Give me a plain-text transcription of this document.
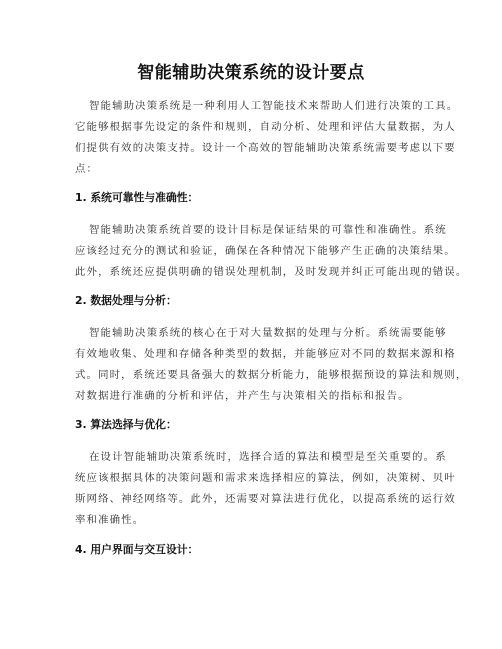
智能辅助决策系统的设计要点
智能辅助决策系统是一种利用人工智能技术来帮助人们进行决策的工具。
它能够根据事先设定的条件和规则，自动分析、处理和评估大量数据，为人
们提供有效的决策支持。设计一个高效的智能辅助决策系统需要考虑以下要
点：
1. 系统可靠性与准确性：
智能辅助决策系统首要的设计目标是保证结果的可靠性和准确性。系统
应该经过充分的测试和验证，确保在各种情况下能够产生正确的决策结果。
此外，系统还应提供明确的错误处理机制，及时发现并纠正可能出现的错误。
2. 数据处理与分析：
智能辅助决策系统的核心在于对大量数据的处理与分析。系统需要能够
有效地收集、处理和存储各种类型的数据，并能够应对不同的数据来源和格
式。同时，系统还要具备强大的数据分析能力，能够根据预设的算法和规则，
对数据进行准确的分析和评估，并产生与决策相关的指标和报告。
3. 算法选择与优化：
在设计智能辅助决策系统时，选择合适的算法和模型是至关重要的。系
统应该根据具体的决策问题和需求来选择相应的算法，例如，决策树、贝叶
斯网络、神经网络等。此外，还需要对算法进行优化，以提高系统的运行效
率和准确性。
4. 用户界面与交互设计：
